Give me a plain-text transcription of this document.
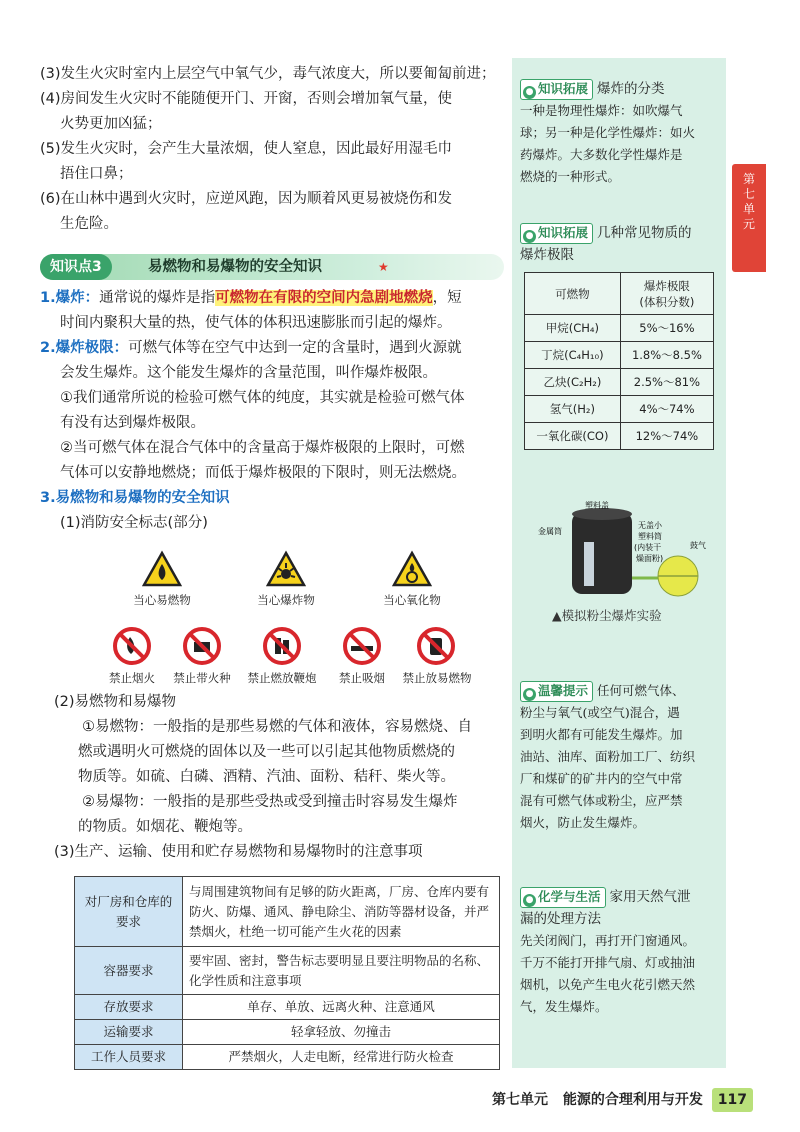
● 知识拓展 爆炸的分类
一种是物理性爆炸：如吹爆气
球；另一种是化学性爆炸：如火
药爆炸。大多数化学性爆炸是
燃烧的一种形式。
● 知识拓展 几种常见物质的
爆炸极限
可燃物	爆炸极限
(体积分数)

甲烷(CH₄)	5%～16%
丁烷(C₄H₁₀)	1.8%～8.5%
乙炔(C₂H₂)	2.5%～81%
氢气(H₂)	4%～74%
一氧化碳(CO)	12%～74%
塑料盖
金属筒
无盖小
塑料筒
(内装干
燥面粉)
鼓气
▲模拟粉尘爆炸实验
● 温馨提示 任何可燃气体、
粉尘与氧气(或空气)混合，遇
到明火都有可能发生爆炸。加
油站、油库、面粉加工厂、纺织
厂和煤矿的矿井内的空气中常
混有可燃气体或粉尘，应严禁
烟火，防止发生爆炸。
● 化学与生活 家用天然气泄
漏的处理方法
先关闭阀门，再打开门窗通风。
千万不能打开排气扇、灯或抽油
烟机，以免产生电火花引燃天然
气，发生爆炸。
第
七
单
元
(3)发生火灾时室内上层空气中氧气少，毒气浓度大，所以要匍匐前进；
(4)房间发生火灾时不能随便开门、开窗，否则会增加氧气量，使
火势更加凶猛；
(5)发生火灾时，会产生大量浓烟，使人窒息，因此最好用湿毛巾
捂住口鼻；
(6)在山林中遇到火灾时，应逆风跑，因为顺着风更易被烧伤和发
生危险。
知识点3	易燃物和易爆物的安全知识	★
1.爆炸：通常说的爆炸是指可燃物在有限的空间内急剧地燃烧，短
时间内聚积大量的热，使气体的体积迅速膨胀而引起的爆炸。
2.爆炸极限：可燃气体等在空气中达到一定的含量时，遇到火源就
会发生爆炸。这个能发生爆炸的含量范围，叫作爆炸极限。
①我们通常所说的检验可燃气体的纯度，其实就是检验可燃气体
有没有达到爆炸极限。
②当可燃气体在混合气体中的含量高于爆炸极限的上限时，可燃
气体可以安静地燃烧；而低于爆炸极限的下限时，则无法燃烧。
3.易燃物和易爆物的安全知识
(1)消防安全标志(部分)
当心易燃物	当心爆炸物	当心氧化物
禁止烟火	禁止带火种	禁止燃放鞭炮	禁止吸烟	禁止放易燃物
(2)易燃物和易爆物
①易燃物：一般指的是那些易燃的气体和液体，容易燃烧、自
燃或遇明火可燃烧的固体以及一些可以引起其他物质燃烧的
物质等。如硫、白磷、酒精、汽油、面粉、秸秆、柴火等。
②易爆物：一般指的是那些受热或受到撞击时容易发生爆炸
的物质。如烟花、鞭炮等。
(3)生产、运输、使用和贮存易燃物和易爆物时的注意事项
对厂房和仓库的要求	与周围建筑物间有足够的防火距离，厂房、仓库内要有防火、防爆、通风、静电除尘、消防等器材设备，并严禁烟火，杜绝一切可能产生火花的因素
容器要求	要牢固、密封，警告标志要明显且要注明物品的名称、化学性质和注意事项
存放要求	单存、单放、远离火种、注意通风
运输要求	轻拿轻放、勿撞击
工作人员要求	严禁烟火，人走电断，经常进行防火检查
第七单元 能源的合理利用与开发 117
